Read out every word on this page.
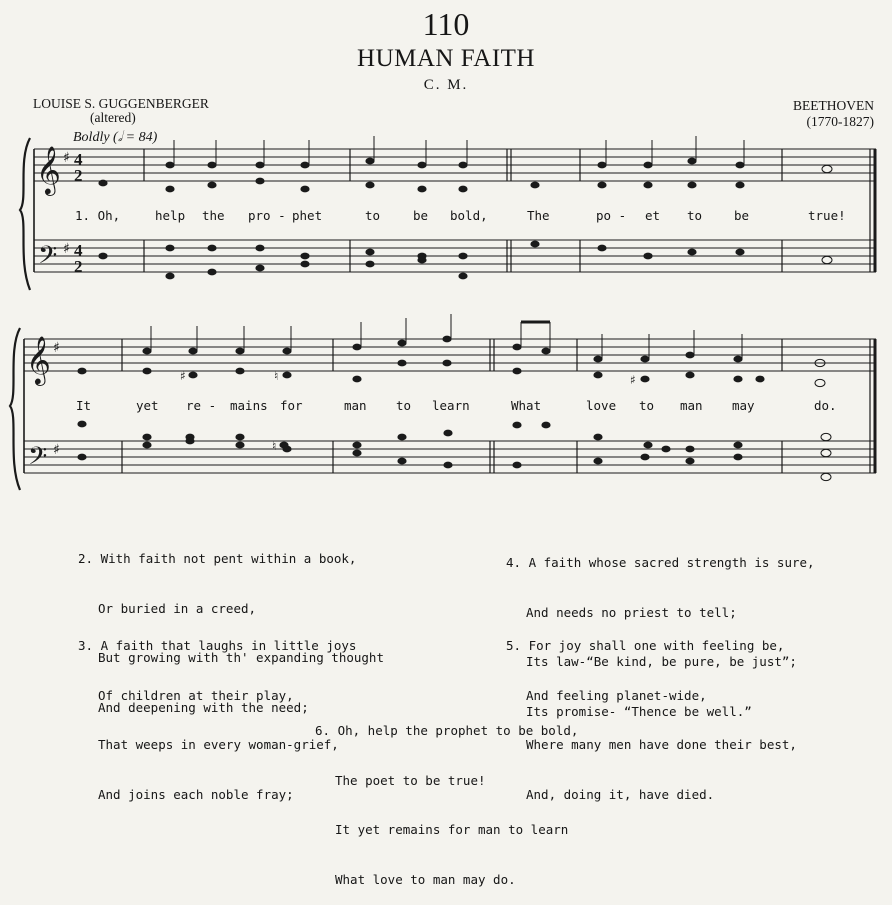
110
HUMAN FAITH
C. M.
LOUISE S. GUGGENBERGER
(altered)
BEETHOVEN
(1770-1827)
Boldly (𝅗𝅥 = 84)
𝄞
𝄢
♯
♯
4
2
4
2
𝄞
𝄢
♯
♯
♯	♮	♯
♮
1. Oh,	help the pro - phet	to	be bold,	The	po - et to	be	true!
It	yet re - mains for	man to learn	What	love to man may	do.

2. With faith not pent within a book,

Or buried in a creed,

But growing with th' expanding thought

And deepening with the need;

3. A faith that laughs in little joys

Of children at their play,

That weeps in every woman-grief,

And joins each noble fray;

4. A faith whose sacred strength is sure,

And needs no priest to tell;

Its law-“Be kind, be pure, be just”;

Its promise- “Thence be well.”

5. For joy shall one with feeling be,

And feeling planet-wide,

Where many men have done their best,

And, doing it, have died.

6. Oh, help the prophet to be bold,

The poet to be true!

It yet remains for man to learn

What love to man may do.
